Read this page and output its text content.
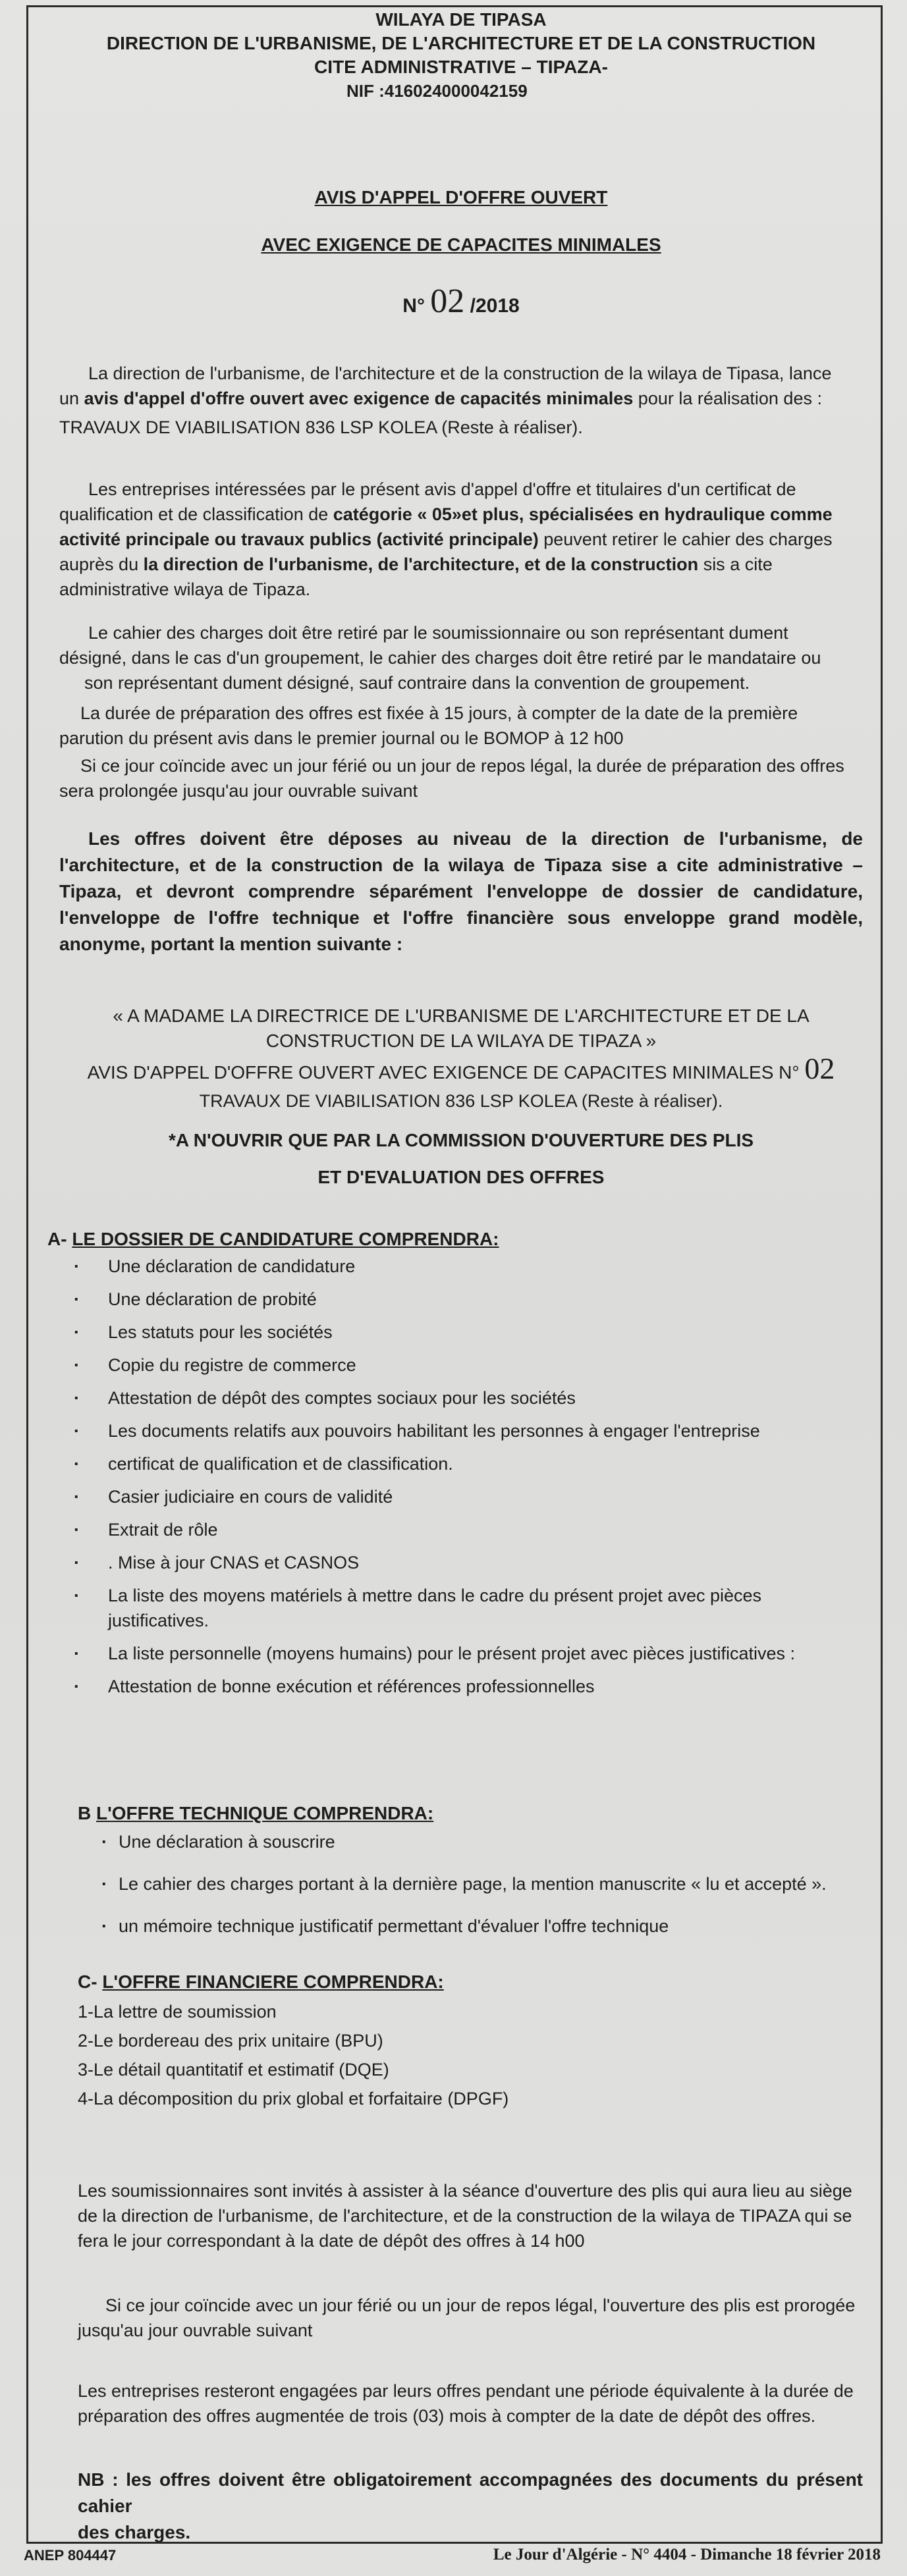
WILAYA DE TIPASA
DIRECTION DE L'URBANISME, DE L'ARCHITECTURE ET DE LA CONSTRUCTION
CITE ADMINISTRATIVE – TIPAZA-
NIF :416024000042159
AVIS D'APPEL D'OFFRE OUVERT
AVEC EXIGENCE DE CAPACITES MINIMALES
N° 02 /2018

La direction de l'urbanisme, de l'architecture et de la construction de la wilaya de Tipasa, lance

un avis d'appel d'offre ouvert avec exigence de capacités minimales pour la réalisation des :

TRAVAUX DE VIABILISATION 836 LSP KOLEA (Reste à réaliser).

Les entreprises intéressées par le présent avis d'appel d'offre et titulaires d'un certificat de

qualification et de classification de catégorie « 05»et plus, spécialisées en hydraulique comme

activité principale ou travaux publics (activité principale) peuvent retirer le cahier des charges

auprès du la direction de l'urbanisme, de l'architecture, et de la construction sis a cite

administrative wilaya de Tipaza.

Le cahier des charges doit être retiré par le soumissionnaire ou son représentant dument

désigné, dans le cas d'un groupement, le cahier des charges doit être retiré par le mandataire ou

son représentant dument désigné, sauf contraire dans la convention de groupement.

La durée de préparation des offres est fixée à 15 jours, à compter de la date de la première

parution du présent avis dans le premier journal ou le BOMOP à 12 h00

Si ce jour coïncide avec un jour férié ou un jour de repos légal, la durée de préparation des offres

sera prolongée jusqu'au jour ouvrable suivant

Les offres doivent être déposes au niveau de la direction de l'urbanisme, de l'architecture, et de la construction de la wilaya de Tipaza sise a cite administrative – Tipaza, et devront comprendre séparément l'enveloppe de dossier de candidature, l'enveloppe de l'offre technique et l'offre financière sous enveloppe grand modèle, anonyme, portant la mention suivante :

« A MADAME LA DIRECTRICE DE L'URBANISME DE L'ARCHITECTURE ET DE LA
CONSTRUCTION DE LA WILAYA DE TIPAZA »
AVIS D'APPEL D'OFFRE OUVERT AVEC EXIGENCE DE CAPACITES MINIMALES N° 02
TRAVAUX DE VIABILISATION 836 LSP KOLEA (Reste à réaliser).
*A N'OUVRIR QUE PAR LA COMMISSION D'OUVERTURE DES PLIS
ET D'EVALUATION DES OFFRES
A- LE DOSSIER DE CANDIDATURE COMPRENDRA:
· Une déclaration de candidature
· Une déclaration de probité
· Les statuts pour les sociétés
· Copie du registre de commerce
· Attestation de dépôt des comptes sociaux pour les sociétés
· Les documents relatifs aux pouvoirs habilitant les personnes à engager l'entreprise
· certificat de qualification et de classification.
· Casier judiciaire en cours de validité
· Extrait de rôle
· . Mise à jour CNAS et CASNOS
· La liste des moyens matériels à mettre dans le cadre du présent projet avec pièces justificatives.
· La liste personnelle (moyens humains) pour le présent projet avec pièces justificatives :
· Attestation de bonne exécution et références professionnelles
B L'OFFRE TECHNIQUE COMPRENDRA:
· Une déclaration à souscrire
· Le cahier des charges portant à la dernière page, la mention manuscrite « lu et accepté ».
· un mémoire technique justificatif permettant d'évaluer l'offre technique
C- L'OFFRE FINANCIERE COMPRENDRA:
1-La lettre de soumission
2-Le bordereau des prix unitaire (BPU)
3-Le détail quantitatif et estimatif (DQE)
4-La décomposition du prix global et forfaitaire (DPGF)

Les soumissionnaires sont invités à assister à la séance d'ouverture des plis qui aura lieu au siège

de la direction de l'urbanisme, de l'architecture, et de la construction de la wilaya de TIPAZA qui se

fera le jour correspondant à la date de dépôt des offres à 14 h00

Si ce jour coïncide avec un jour férié ou un jour de repos légal, l'ouverture des plis est prorogée

jusqu'au jour ouvrable suivant

Les entreprises resteront engagées par leurs offres pendant une période équivalente à la durée de

préparation des offres augmentée de trois (03) mois à compter de la date de dépôt des offres.

NB : les offres doivent être obligatoirement accompagnées des documents du présent cahier

des charges.

ANEP 804447	Le Jour d'Algérie - N° 4404 - Dimanche 18 février 2018
